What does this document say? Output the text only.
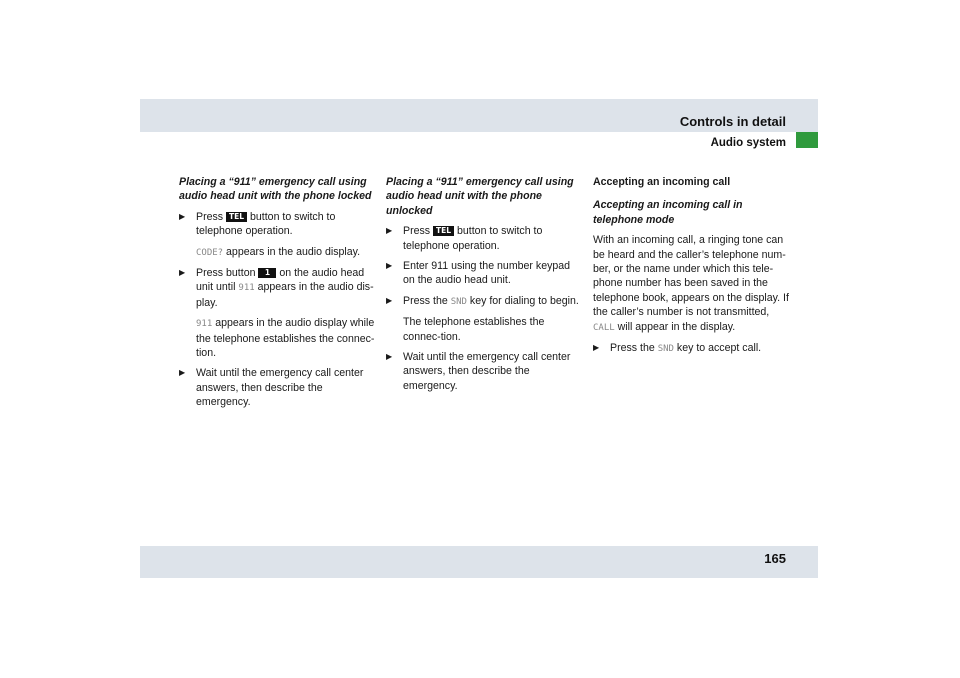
Controls in detail
Audio system

Placing a “911” emergency call using audio head unit with the phone locked

▶ Press TEL button to switch to telephone operation.

CODE? appears in the audio display.

▶ Press button 1 on the audio head unit until 911 appears in the audio dis-play.

911 appears in the audio display while the telephone establishes the connec-tion.

▶ Wait until the emergency call center answers, then describe the emergency.

Placing a “911” emergency call using audio head unit with the phone unlocked

▶ Press TEL button to switch to telephone operation.
▶ Enter 911 using the number keypad on the audio head unit.
▶ Press the SND key for dialing to begin.

The telephone establishes the connec-tion.

▶ Wait until the emergency call center answers, then describe the emergency.

Accepting an incoming call

Accepting an incoming call in telephone mode

With an incoming call, a ringing tone can be heard and the caller’s telephone num-ber, or the name under which this tele-phone number has been saved in the telephone book, appears on the display. If the caller’s number is not transmitted, CALL will appear in the display.

▶ Press the SND key to accept call.
165
